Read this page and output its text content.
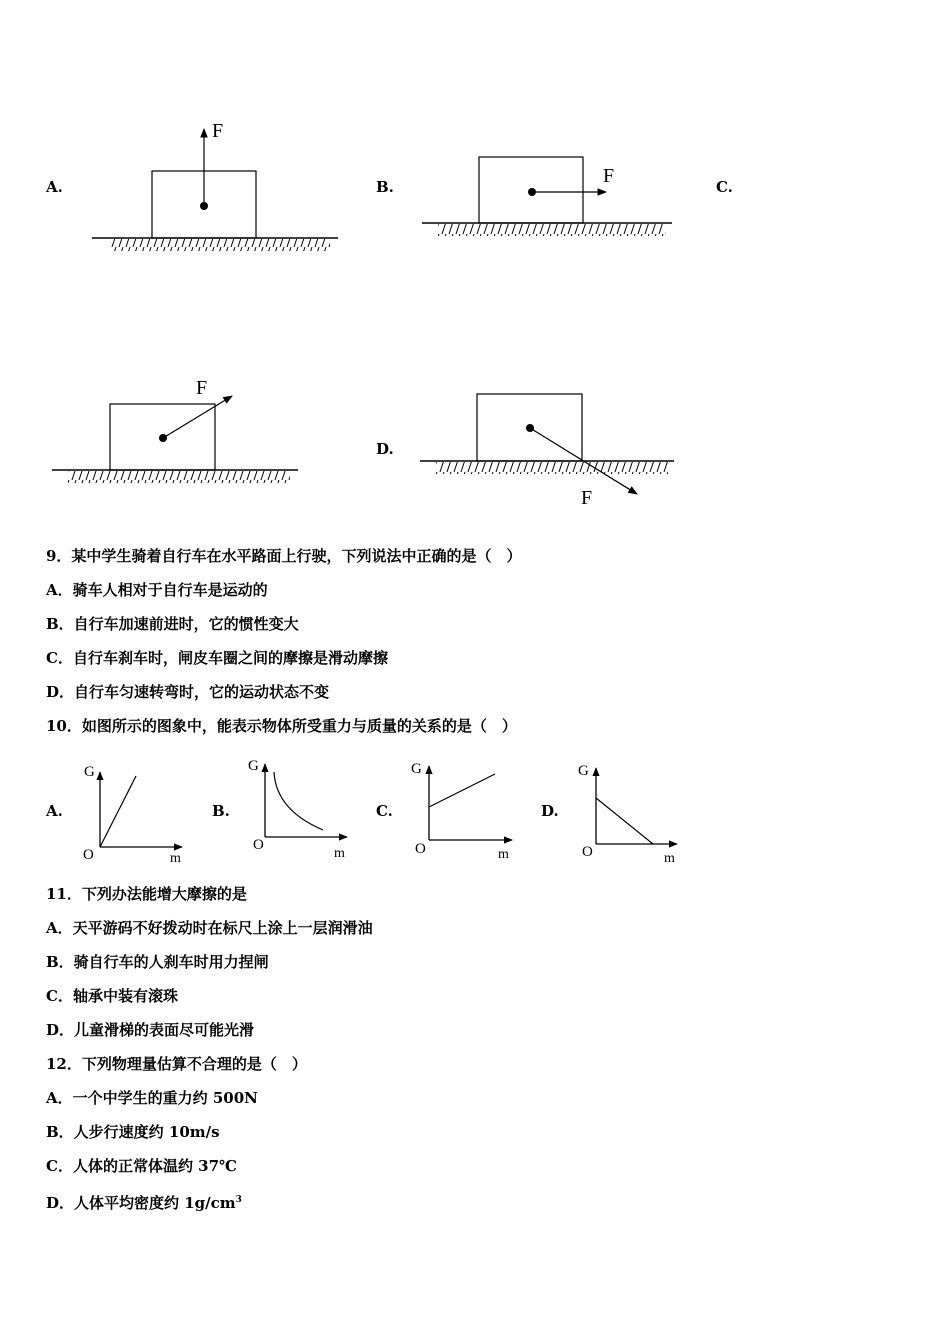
A.	B.	C.
D.
F
F
F
F
9．某中学生骑着自行车在水平路面上行驶，下列说法中正确的是（　）
A．骑车人相对于自行车是运动的
B．自行车加速前进时，它的惯性变大
C．自行车刹车时，闸皮车圈之间的摩擦是滑动摩擦
D．自行车匀速转弯时，它的运动状态不变
10．如图所示的图象中，能表示物体所受重力与质量的关系的是（　）
A.	B.	C.	D.
G
O	m
G
O
m
G
O	m
G
O	m
11．下列办法能增大摩擦的是
A．天平游码不好拨动时在标尺上涂上一层润滑油
B．骑自行车的人刹车时用力捏闸
C．轴承中装有滚珠
D．儿童滑梯的表面尽可能光滑
12．下列物理量估算不合理的是（　）
A．一个中学生的重力约 500N
B．人步行速度约 10m/s
C．人体的正常体温约 37℃
D．人体平均密度约 $1g/cm^3$
